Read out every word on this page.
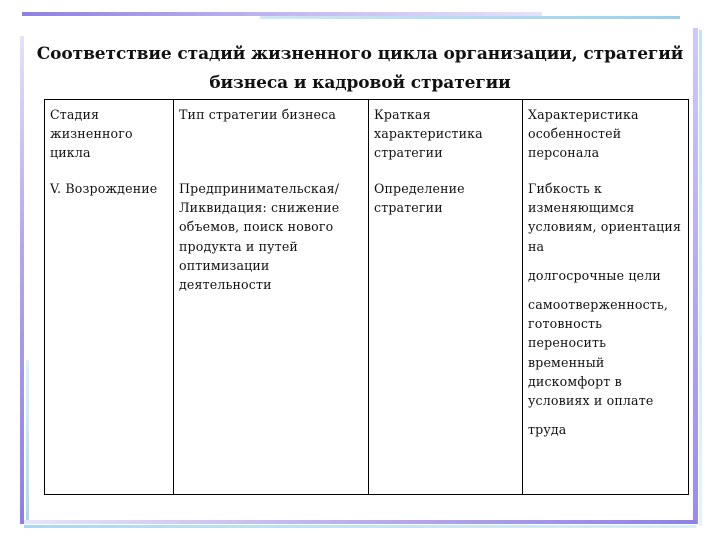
Соответствие стадий жизненного цикла организации, стратегий
бизнеса и кадровой стратегии
Стадия жизненного цикла
Тип стратегии бизнеса	Краткая характеристика стратегии
Характеристика особенностей персонала
V. Возрождение	Предпринимательская/ Ликвидация: снижение объемов, поиск нового продукта и путей оптимизации деятельности
Определение стратегии
Гибкость к изменяющимся условиям, ориентация на
долгосрочные цели
самоотверженность, готовность переносить временный дискомфорт в условиях и оплате
труда
